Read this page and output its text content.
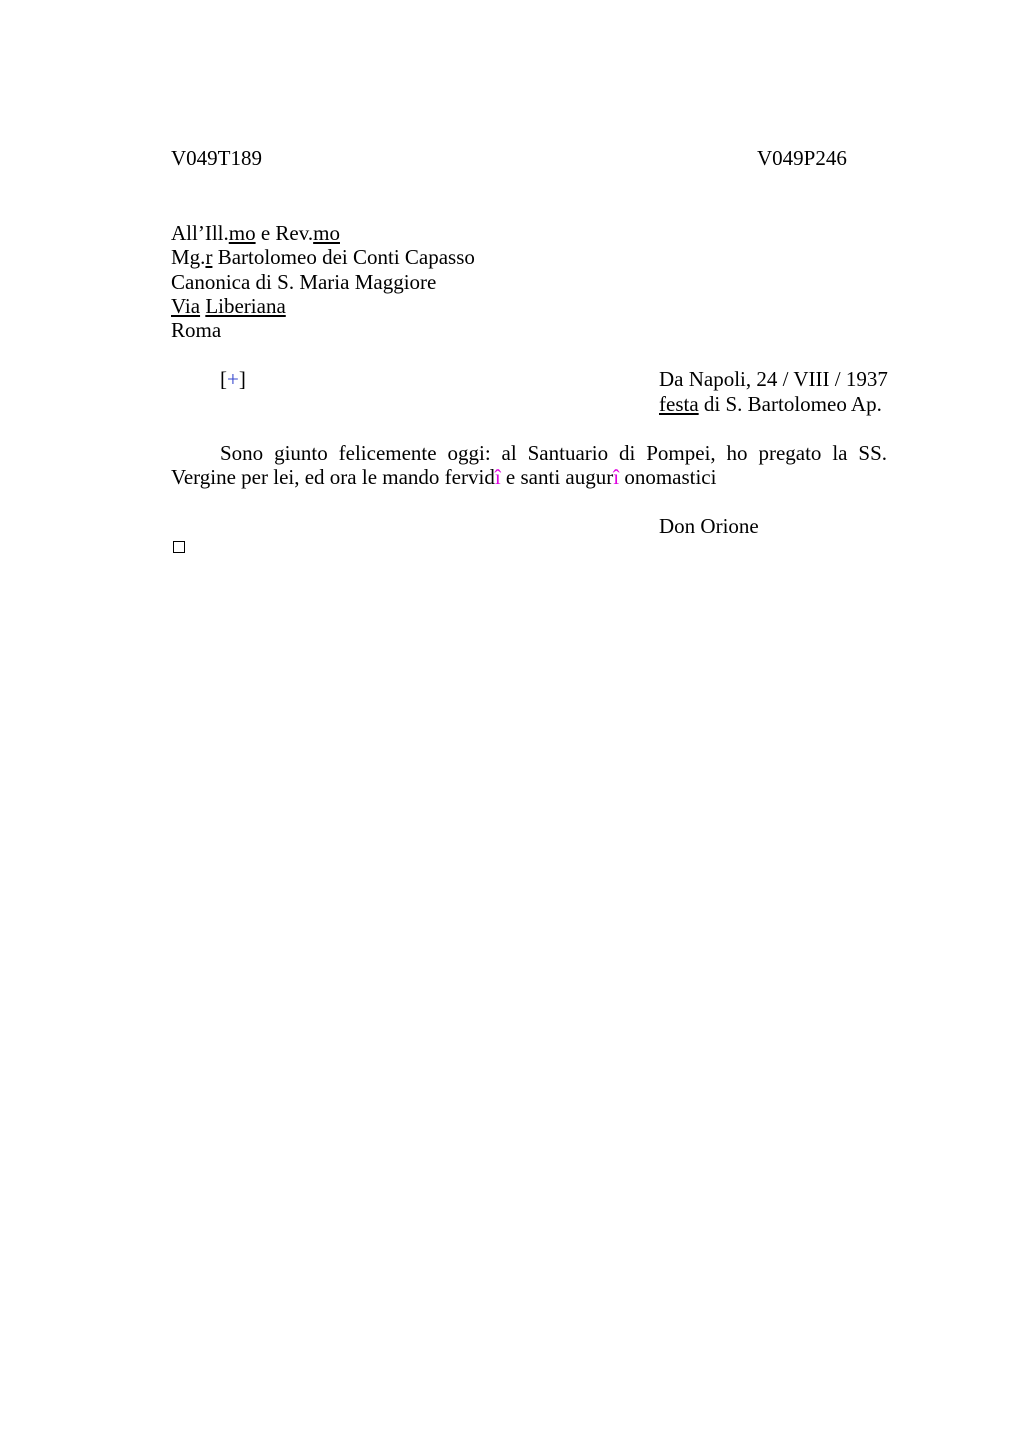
V049T189	V049P246
All’Ill.mo e Rev.mo
Mg.r Bartolomeo dei Conti Capasso
Canonica di S. Maria Maggiore
Via Liberiana
Roma
[+]	Da Napoli, 24 / VIII / 1937
festa di S. Bartolomeo Ap.
Sono giunto felicemente oggi: al Santuario di Pompei, ho pregato la SS. Vergine per lei, ed ora le mando fervidî e santi augurî onomastici
Don Orione
